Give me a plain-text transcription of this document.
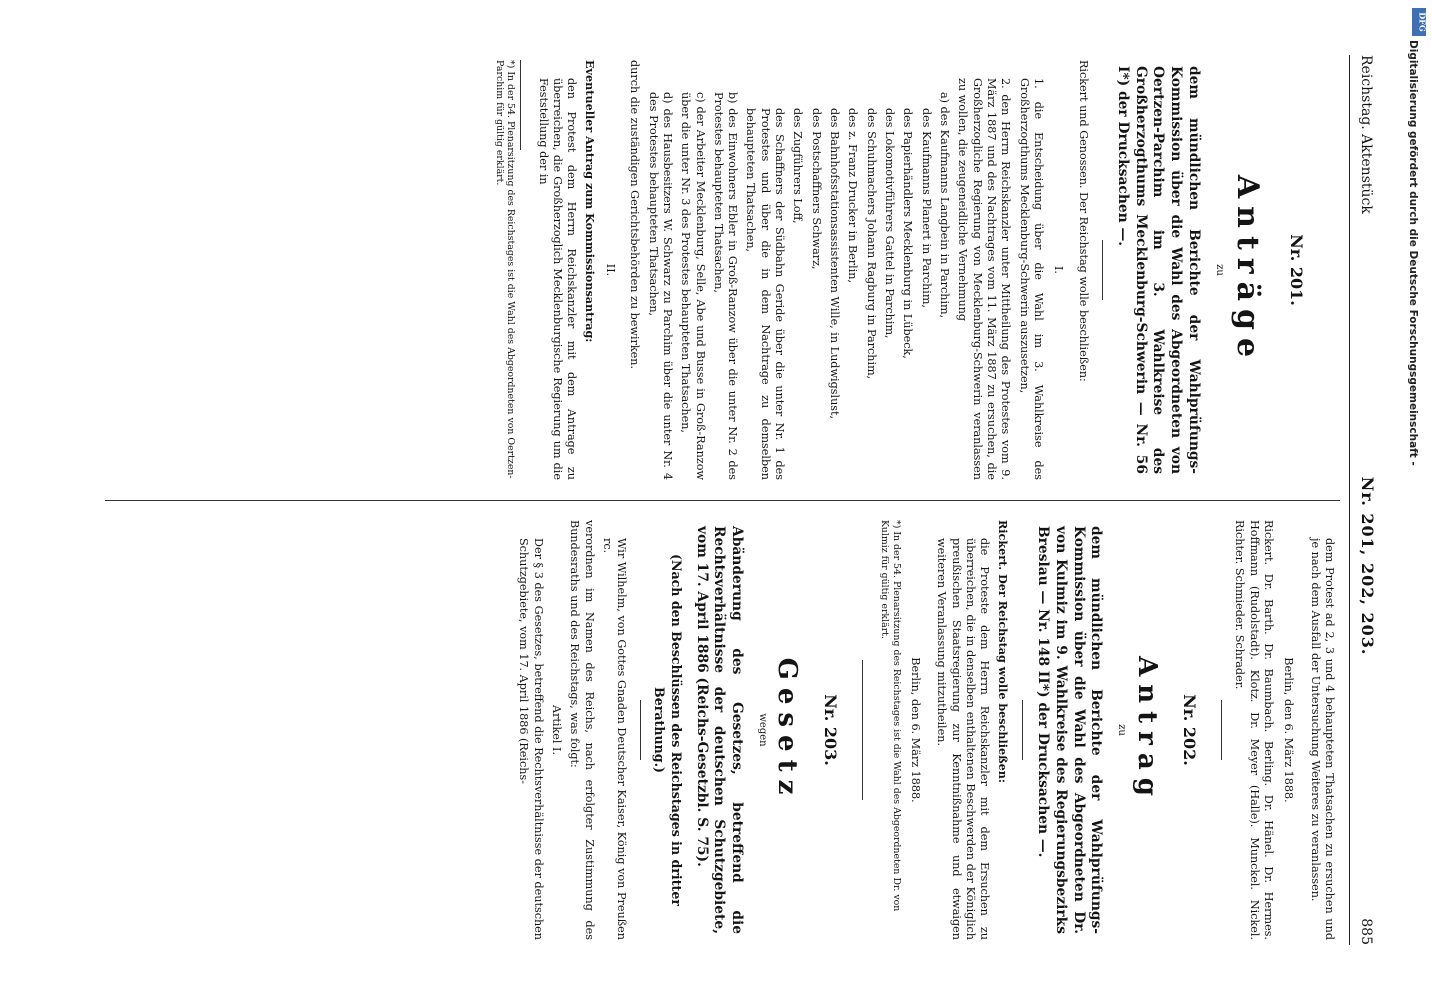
Reichstag. Aktenstück
Nr. 201, 202, 203.
885
Nr. 201.
Anträge
zu
dem mündlichen Berichte der Wahlprüfungs-Kommission über die Wahl des Abgeordneten von Oertzen-Parchim im 3. Wahlkreise des Großherzogthums Mecklenburg-Schwerin — Nr. 56 I*) der Drucksachen —.
Rickert und Genossen. Der Reichstag wolle beschließen:
I.
1. die Entscheidung über die Wahl im 3. Wahlkreise des Großherzogthums Mecklenburg-Schwerin auszusetzen,
2. den Herrn Reichskanzler unter Mittheilung des Protestes vom 9. März 1887 und des Nachtrages vom 11. März 1887 zu ersuchen, die Großherzogliche Regierung von Mecklenburg-Schwerin veranlassen zu wollen, die zeugeneidliche Vernehmung
a) des Kaufmanns Langbein in Parchim,
des Kaufmanns Planert in Parchim,
des Papierhändlers Mecklenburg in Lübeck,
des Lokomotivführers Gattel in Parchim,
des Schuhmachers Johann Ragburg in Parchim,
des z. Franz Drucker in Berlin,
des Bahnhofsstationsassistenten Wille, in Ludwigslust,
des Postschaffners Schwarz,
des Zugführers Loff,
des Schaffners der Südbahn Geride über die unter Nr. 1 des Protestes und über die in dem Nachtrage zu demselben behaupteten Thatsachen,
b) des Einwohners Ebler in Groß-Ranzow über die unter Nr. 2 des Protestes behaupteten Thatsachen,
c) der Arbeiter Mecklenburg, Selle, Abe und Busse in Groß-Ranzow über die unter Nr. 3 des Protestes behaupteten Thatsachen,
d) des Hausbesitzers W. Schwarz zu Parchim über die unter Nr. 4 des Protestes behaupteten Thatsachen,
durch die zuständigen Gerichtsbehörden zu bewirken.
II.
Eventueller Antrag zum Kommissionsantrag:
den Protest dem Herrn Reichskanzler mit dem Antrage zu überreichen, die Großherzoglich Mecklenburgische Regierung um die Feststellung der in
*) In der 54. Plenarsitzung des Reichstages ist die Wahl des Abgeordneten von Oertzen-Parchim für gültig erklärt.
dem Protest ad 2, 3 und 4 behaupteten Thatsachen zu ersuchen und je nach dem Ausfall der Untersuchung Weiteres zu veranlassen.
Berlin, den 6. März 1888.
Rickert. Dr. Barth. Dr. Baumbach. Berling. Dr. Hänel. Dr. Hermes. Hoffmann (Rudolstadt). Klotz. Dr. Meyer (Halle). Munckel. Nickel. Richter. Schmieder. Schrader.
Nr. 202.
Antrag
zu
dem mündlichen Berichte der Wahlprüfungs-Kommission über die Wahl des Abgeordneten Dr. von Kulmiz im 9. Wahlkreise des Regierungsbezirks Breslau — Nr. 148 II*) der Drucksachen —.
Rickert. Der Reichstag wolle beschließen:
die Proteste dem Herrn Reichskanzler mit dem Ersuchen zu überreichen, die in denselben enthaltenen Beschwerden der Königlich preußischen Staatsregierung zur Kenntnißnahme und etwaigen weiteren Veranlassung mitzutheilen.
Berlin, den 6. März 1888.
*) In der 54. Plenarsitzung des Reichstages ist die Wahl des Abgeordneten Dr. von Kulmiz für gültig erklärt.
Nr. 203.
Gesetz
wegen
Abänderung des Gesetzes, betreffend die Rechtsverhältnisse der deutschen Schutzgebiete, vom 17. April 1886 (Reichs-Gesetzbl. S. 75).
(Nach den Beschlüssen des Reichstages in dritter Berathung.)
Wir Wilhelm, von Gottes Gnaden Deutscher Kaiser, König von Preußen rc.
verordnen im Namen des Reichs, nach erfolgter Zustimmung des Bundesraths und des Reichstags, was folgt:
Artikel I.
Der § 3 des Gesetzes, betreffend die Rechtsverhältnisse der deutschen Schutzgebiete, vom 17. April 1886 (Reichs-
DFG
Digitalisierung gefördert durch die Deutsche Forschungsgemeinschaft -
